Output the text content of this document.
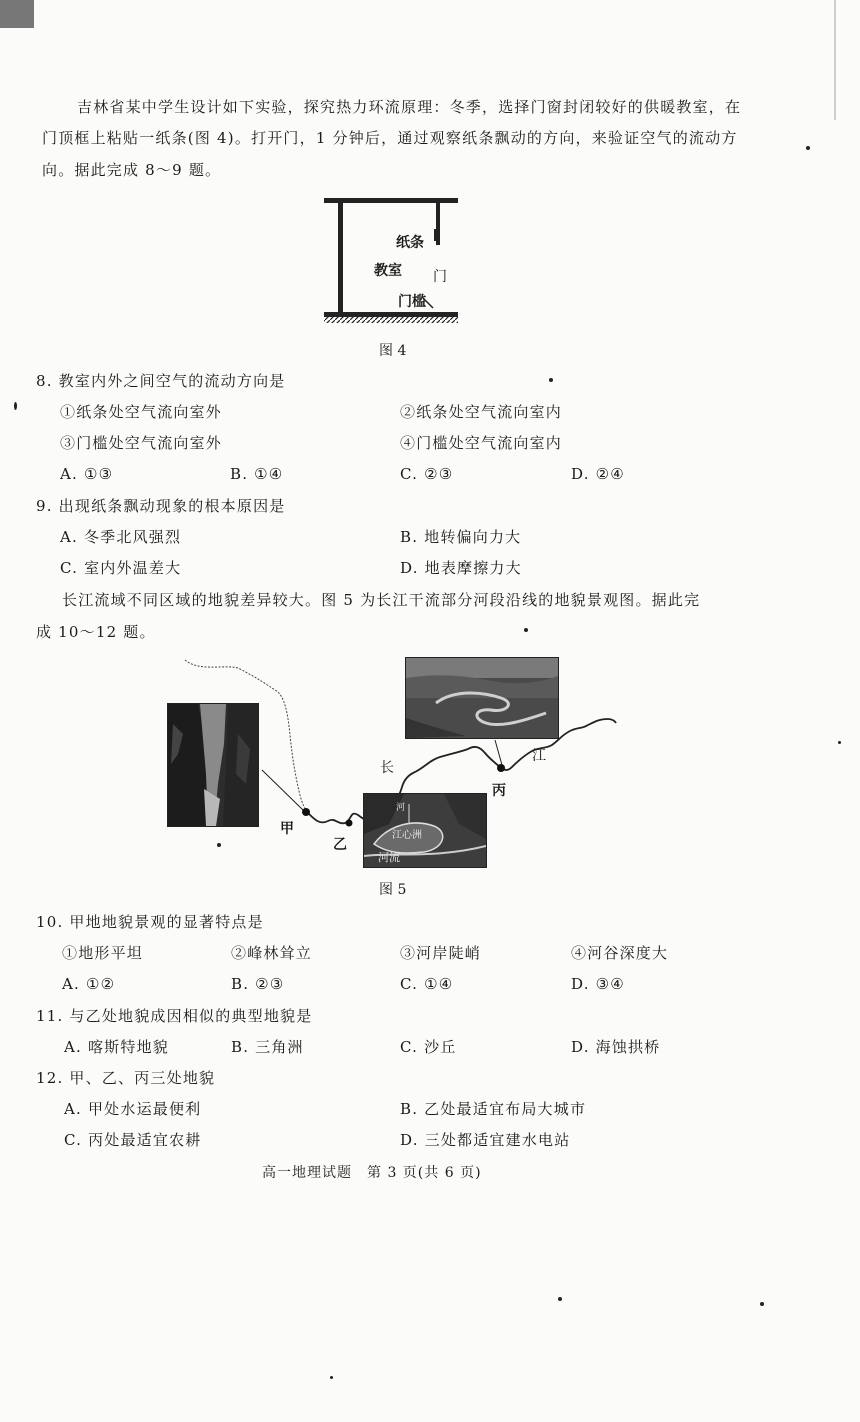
吉林省某中学生设计如下实验，探究热力环流原理：冬季，选择门窗封闭较好的供暖教室，在
门顶框上粘贴一纸条(图 4)。打开门，1 分钟后，通过观察纸条飘动的方向，来验证空气的流动方
向。据此完成 8～9 题。
纸条
教室 门
门槛
图 4
8. 教室内外之间空气的流动方向是
①纸条处空气流向室外	②纸条处空气流向室内
③门槛处空气流向室外	④门槛处空气流向室内
A. ①③	B. ①④	C. ②③	D. ②④
9. 出现纸条飘动现象的根本原因是
A. 冬季北风强烈	B. 地转偏向力大
C. 室内外温差大	D. 地表摩擦力大
长江流域不同区域的地貌差异较大。图 5 为长江干流部分河段沿线的地貌景观图。据此完
成 10～12 题。
河
江心洲
河流
甲
乙
丙
长
江
图 5
10. 甲地地貌景观的显著特点是
①地形平坦	②峰林耸立	③河岸陡峭	④河谷深度大
A. ①②	B. ②③	C. ①④	D. ③④
11. 与乙处地貌成因相似的典型地貌是
A. 喀斯特地貌	B. 三角洲	C. 沙丘	D. 海蚀拱桥
12. 甲、乙、丙三处地貌
A. 甲处水运最便利	B. 乙处最适宜布局大城市
C. 丙处最适宜农耕	D. 三处都适宜建水电站
高一地理试题　第 3 页(共 6 页)
